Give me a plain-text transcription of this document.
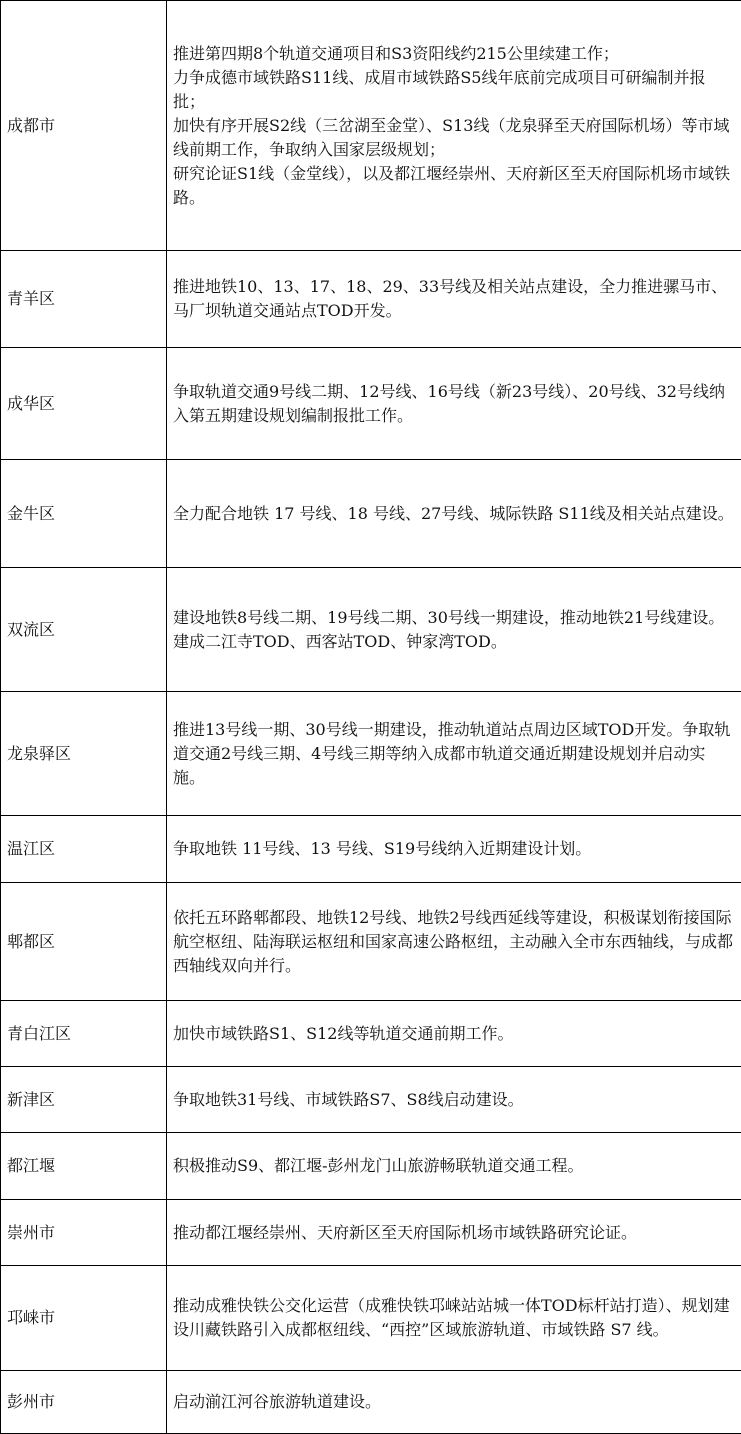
成都市	推进第四期8个轨道交通项目和S3资阳线约215公里续建工作；
力争成德市域铁路S11线、成眉市域铁路S5线年底前完成项目可研编制并报批；
加快有序开展S2线（三岔湖至金堂）、S13线（龙泉驿至天府国际机场）等市域线前期工作，争取纳入国家层级规划；
研究论证S1线（金堂线），以及都江堰经崇州、天府新区至天府国际机场市域铁路。

青羊区	推进地铁10、13、17、18、29、33号线及相关站点建设，全力推进骡马市、马厂坝轨道交通站点TOD开发。

成华区	争取轨道交通9号线二期、12号线、16号线（新23号线）、20号线、32号线纳入第五期建设规划编制报批工作。

金牛区	全力配合地铁 17 号线、18 号线、27号线、城际铁路 S11线及相关站点建设。

双流区	建设地铁8号线二期、19号线二期、30号线一期建设，推动地铁21号线建设。建成二江寺TOD、西客站TOD、钟家湾TOD。

龙泉驿区	推进13号线一期、30号线一期建设，推动轨道站点周边区域TOD开发。争取轨道交通2号线三期、4号线三期等纳入成都市轨道交通近期建设规划并启动实施。

温江区	争取地铁 11号线、13 号线、S19号线纳入近期建设计划。

郫都区	依托五环路郫都段、地铁12号线、地铁2号线西延线等建设，积极谋划衔接国际航空枢纽、陆海联运枢纽和国家高速公路枢纽，主动融入全市东西轴线，与成都西轴线双向并行。

青白江区	加快市域铁路S1、S12线等轨道交通前期工作。

新津区	争取地铁31号线、市域铁路S7、S8线启动建设。

都江堰	积极推动S9、都江堰-彭州龙门山旅游畅联轨道交通工程。

崇州市	推动都江堰经崇州、天府新区至天府国际机场市域铁路研究论证。

邛崃市	推动成雅快铁公交化运营（成雅快铁邛崃站站城一体TOD标杆站打造）、规划建设川藏铁路引入成都枢纽线、“西控”区域旅游轨道、市域铁路 S7 线。

彭州市	启动湔江河谷旅游轨道建设。
